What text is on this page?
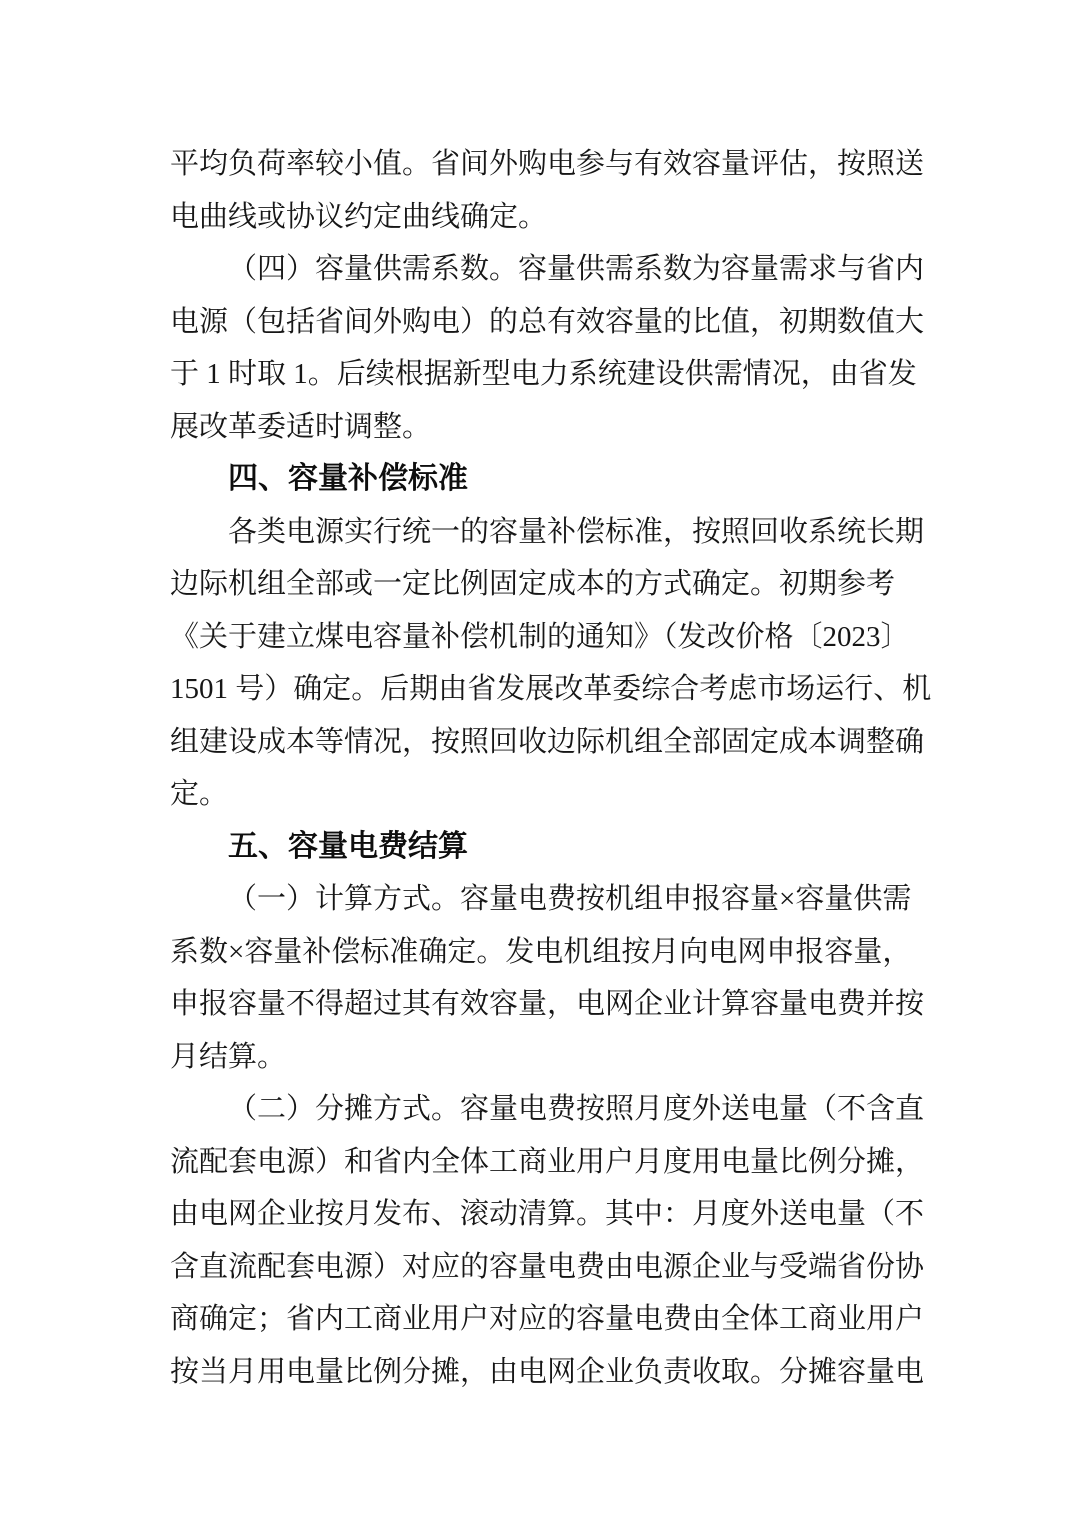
平均负荷率较小值。省间外购电参与有效容量评估，按照送
电曲线或协议约定曲线确定。
（四）容量供需系数。容量供需系数为容量需求与省内
电源（包括省间外购电）的总有效容量的比值，初期数值大
于 1 时取 1。后续根据新型电力系统建设供需情况，由省发
展改革委适时调整。
四、容量补偿标准
各类电源实行统一的容量补偿标准，按照回收系统长期
边际机组全部或一定比例固定成本的方式确定。初期参考
《关于建立煤电容量补偿机制的通知》（发改价格〔2023〕
1501 号）确定。后期由省发展改革委综合考虑市场运行、机
组建设成本等情况，按照回收边际机组全部固定成本调整确
定。
五、容量电费结算
（一）计算方式。容量电费按机组申报容量×容量供需
系数×容量补偿标准确定。发电机组按月向电网申报容量，
申报容量不得超过其有效容量，电网企业计算容量电费并按
月结算。
（二）分摊方式。容量电费按照月度外送电量（不含直
流配套电源）和省内全体工商业用户月度用电量比例分摊，
由电网企业按月发布、滚动清算。其中：月度外送电量（不
含直流配套电源）对应的容量电费由电源企业与受端省份协
商确定；省内工商业用户对应的容量电费由全体工商业用户
按当月用电量比例分摊，由电网企业负责收取。分摊容量电
